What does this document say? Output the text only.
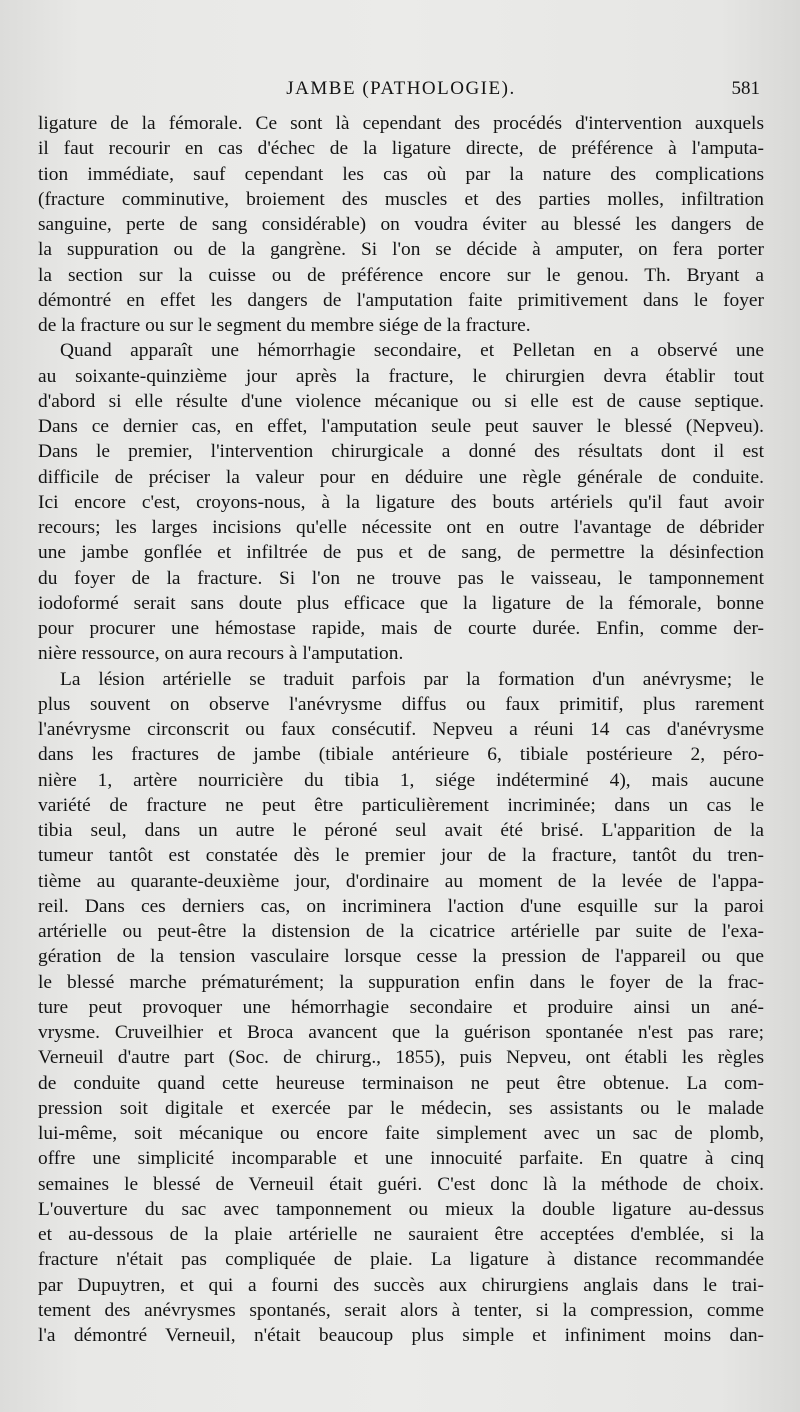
JAMBE (PATHOLOGIE).	581
ligature de la fémorale. Ce sont là cependant des procédés d'intervention auxquels
il faut recourir en cas d'échec de la ligature directe, de préférence à l'amputa-
tion immédiate, sauf cependant les cas où par la nature des complications
(fracture comminutive, broiement des muscles et des parties molles, infiltration
sanguine, perte de sang considérable) on voudra éviter au blessé les dangers de
la suppuration ou de la gangrène. Si l'on se décide à amputer, on fera porter
la section sur la cuisse ou de préférence encore sur le genou. Th. Bryant a
démontré en effet les dangers de l'amputation faite primitivement dans le foyer
de la fracture ou sur le segment du membre siége de la fracture.
Quand apparaît une hémorrhagie secondaire, et Pelletan en a observé une
au soixante-quinzième jour après la fracture, le chirurgien devra établir tout
d'abord si elle résulte d'une violence mécanique ou si elle est de cause septique.
Dans ce dernier cas, en effet, l'amputation seule peut sauver le blessé (Nepveu).
Dans le premier, l'intervention chirurgicale a donné des résultats dont il est
difficile de préciser la valeur pour en déduire une règle générale de conduite.
Ici encore c'est, croyons-nous, à la ligature des bouts artériels qu'il faut avoir
recours; les larges incisions qu'elle nécessite ont en outre l'avantage de débrider
une jambe gonflée et infiltrée de pus et de sang, de permettre la désinfection
du foyer de la fracture. Si l'on ne trouve pas le vaisseau, le tamponnement
iodoformé serait sans doute plus efficace que la ligature de la fémorale, bonne
pour procurer une hémostase rapide, mais de courte durée. Enfin, comme der-
nière ressource, on aura recours à l'amputation.
La lésion artérielle se traduit parfois par la formation d'un anévrysme; le
plus souvent on observe l'anévrysme diffus ou faux primitif, plus rarement
l'anévrysme circonscrit ou faux consécutif. Nepveu a réuni 14 cas d'anévrysme
dans les fractures de jambe (tibiale antérieure 6, tibiale postérieure 2, péro-
nière 1, artère nourricière du tibia 1, siége indéterminé 4), mais aucune
variété de fracture ne peut être particulièrement incriminée; dans un cas le
tibia seul, dans un autre le péroné seul avait été brisé. L'apparition de la
tumeur tantôt est constatée dès le premier jour de la fracture, tantôt du tren-
tième au quarante-deuxième jour, d'ordinaire au moment de la levée de l'appa-
reil. Dans ces derniers cas, on incriminera l'action d'une esquille sur la paroi
artérielle ou peut-être la distension de la cicatrice artérielle par suite de l'exa-
gération de la tension vasculaire lorsque cesse la pression de l'appareil ou que
le blessé marche prématurément; la suppuration enfin dans le foyer de la frac-
ture peut provoquer une hémorrhagie secondaire et produire ainsi un ané-
vrysme. Cruveilhier et Broca avancent que la guérison spontanée n'est pas rare;
Verneuil d'autre part (Soc. de chirurg., 1855), puis Nepveu, ont établi les règles
de conduite quand cette heureuse terminaison ne peut être obtenue. La com-
pression soit digitale et exercée par le médecin, ses assistants ou le malade
lui-même, soit mécanique ou encore faite simplement avec un sac de plomb,
offre une simplicité incomparable et une innocuité parfaite. En quatre à cinq
semaines le blessé de Verneuil était guéri. C'est donc là la méthode de choix.
L'ouverture du sac avec tamponnement ou mieux la double ligature au-dessus
et au-dessous de la plaie artérielle ne sauraient être acceptées d'emblée, si la
fracture n'était pas compliquée de plaie. La ligature à distance recommandée
par Dupuytren, et qui a fourni des succès aux chirurgiens anglais dans le trai-
tement des anévrysmes spontanés, serait alors à tenter, si la compression, comme
l'a démontré Verneuil, n'était beaucoup plus simple et infiniment moins dan-
